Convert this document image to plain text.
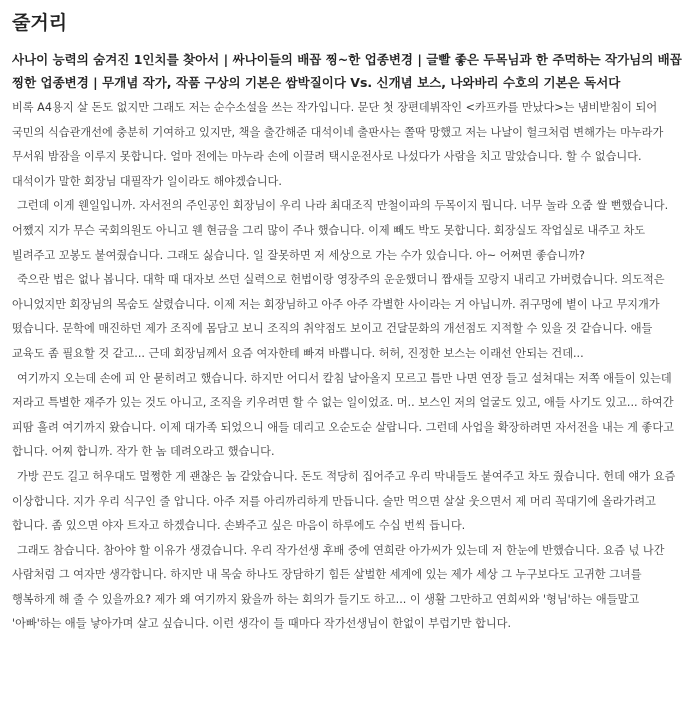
줄거리
사나이 능력의 숨겨진 1인치를 찾아서 | 싸나이들의 배꼽 찡~한 업종변경 | 글빨 좋은 두목님과 한 주먹하는 작가님의 배꼽 찡한 업종변경 | 무개념 작가, 작품 구상의 기본은 쌈박질이다 Vs. 신개념 보스, 나와바리 수호의 기본은 독서다

비록 A4용지 살 돈도 없지만 그래도 저는 순수소설을 쓰는 작가입니다. 문단 첫 장편데뷔작인 <카프카를 만났다>는 냄비받침이 되어 국민의 식습관개선에 충분히 기여하고 있지만, 책을 출간해준 대석이네 출판사는 쫄딱 망했고 저는 나날이 헐크처럼 변해가는 마누라가 무서워 밤잠을 이루지 못합니다. 얼마 전에는 마누라 손에 이끌려 택시운전사로 나섰다가 사람을 치고 말았습니다. 할 수 없습니다. 대석이가 말한 회장님 대필작가 일이라도 해야겠습니다.

그런데 이게 웬일입니까. 자서전의 주인공인 회장님이 우리 나라 최대조직 만철이파의 두목이지 뭡니다. 너무 놀라 오줌 쌀 뻔했습니다. 어쨌지 지가 무슨 국회의원도 아니고 웬 현금을 그리 많이 주나 했습니다. 이제 빼도 박도 못합니다. 회장실도 작업실로 내주고 차도 빌려주고 꼬봉도 붙여줬습니다. 그래도 싫습니다. 일 잘못하면 저 세상으로 가는 수가 있습니다. 아~ 어쩌면 좋습니까?

죽으란 법은 없나 봅니다. 대학 때 대자보 쓰던 실력으로 헌법이랑 영장주의 운운했더니 짭새들 꼬랑지 내리고 가버렸습니다. 의도적은 아니었지만 회장님의 목숨도 살렸습니다. 이제 저는 회장님하고 아주 아주 각별한 사이라는 거 아닙니까. 쥐구멍에 볕이 나고 무지개가 떴습니다. 문학에 매진하던 제가 조직에 몸담고 보니 조직의 취약점도 보이고 건달문화의 개선점도 지적할 수 있을 것 같습니다. 애들 교육도 좀 필요할 것 같고... 근데 회장님께서 요즘 여자한테 빠져 바쁩니다. 허허, 진정한 보스는 이래선 안되는 건데...

여기까지 오는데 손에 피 안 묻히려고 했습니다. 하지만 어디서 칼침 날아올지 모르고 틈만 나면 연장 들고 설쳐대는 저쪽 애들이 있는데 저라고 특별한 재주가 있는 것도 아니고, 조직을 키우려면 할 수 없는 일이었죠. 머.. 보스인 저의 얼굴도 있고, 애들 사기도 있고... 하여간 피땀 흘려 여기까지 왔습니다. 이제 대가족 되었으니 애들 데리고 오순도순 살랍니다. 그런데 사업을 확장하려면 자서전을 내는 게 좋다고 합니다. 어찌 합니까. 작가 한 놈 데려오라고 했습니다.

가방 끈도 길고 허우대도 멀쩡한 게 괜찮은 놈 같았습니다. 돈도 적당히 집어주고 우리 막내들도 붙여주고 차도 줬습니다. 헌데 얘가 요즘 이상합니다. 지가 우리 식구인 줄 압니다. 아주 저를 아리까리하게 만듭니다. 술만 먹으면 살살 웃으면서 제 머리 꼭대기에 올라가려고 합니다. 좀 있으면 야자 트자고 하겠습니다. 손봐주고 싶은 마음이 하루에도 수십 번씩 듭니다.

그래도 참습니다. 참아야 할 이유가 생겼습니다. 우리 작가선생 후배 중에 연희란 아가씨가 있는데 저 한눈에 반했습니다. 요즘 넋 나간 사람처럼 그 여자만 생각합니다. 하지만 내 목숨 하나도 장담하기 힘든 살벌한 세계에 있는 제가 세상 그 누구보다도 고귀한 그녀를 행복하게 해 줄 수 있을까요? 제가 왜 여기까지 왔을까 하는 회의가 들기도 하고... 이 생활 그만하고 연희씨와 '형님'하는 애들말고 '아빠'하는 애들 낳아가며 살고 싶습니다. 이런 생각이 들 때마다 작가선생님이 한없이 부럽기만 합니다.
